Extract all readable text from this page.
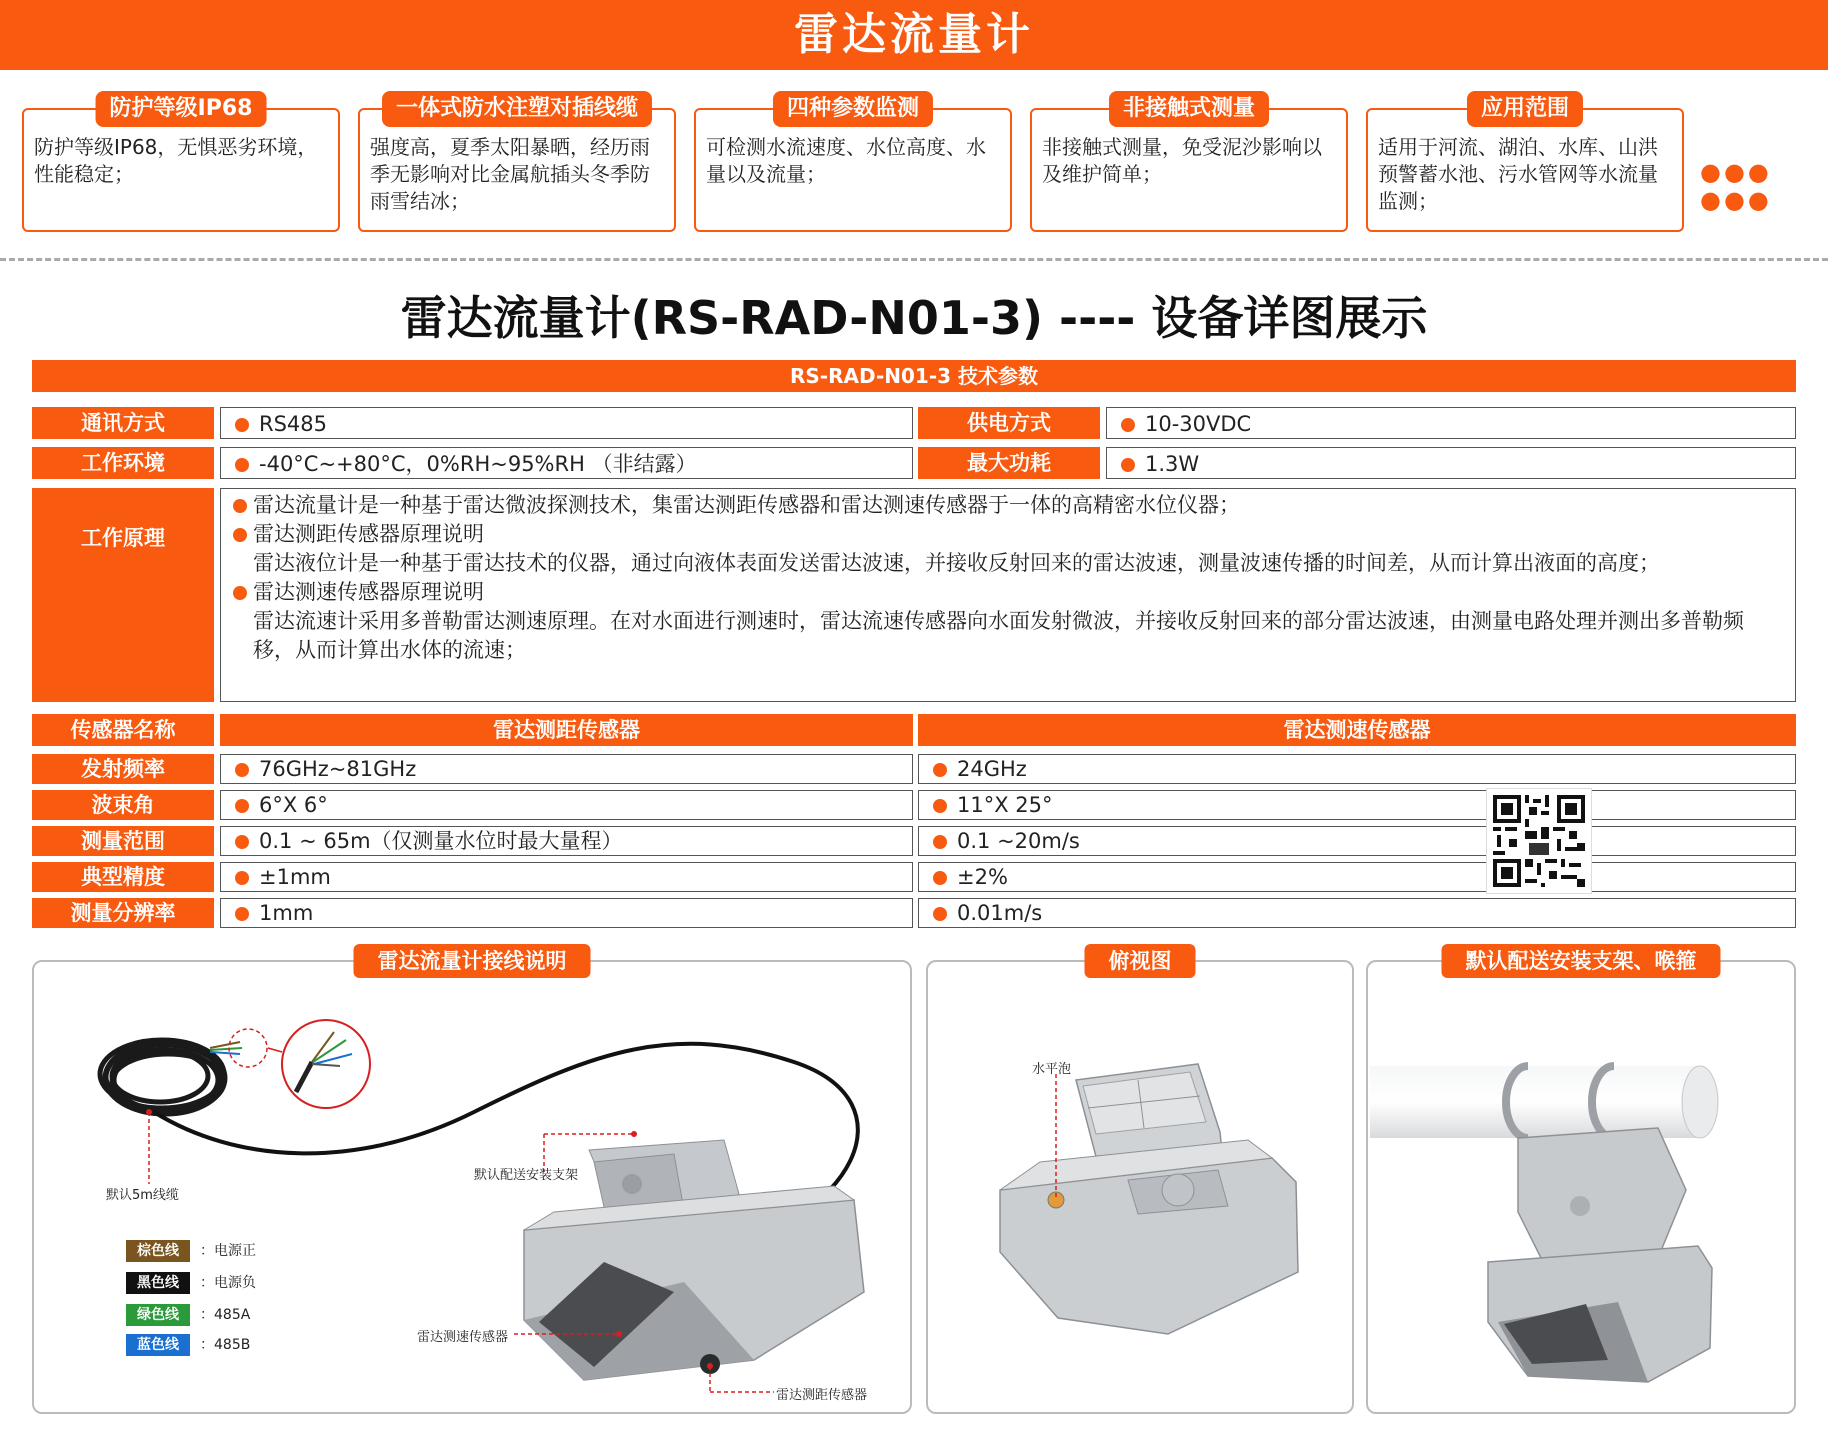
雷达流量计
防护等级IP68
防护等级IP68，无惧恶劣环境，性能稳定；
一体式防水注塑对插线缆
强度高，夏季太阳暴晒，经历雨季无影响对比金属航插头冬季防雨雪结冰；
四种参数监测
可检测水流速度、水位高度、水量以及流量；
非接触式测量
非接触式测量，免受泥沙影响以及维护简单；
应用范围
适用于河流、湖泊、水库、山洪预警蓄水池、污水管网等水流量监测；
●●● ●●●
雷达流量计(RS-RAD-N01-3) ---- 设备详图展示
RS-RAD-N01-3 技术参数
通讯方式	RS485	供电方式	10-30VDC
工作环境	-40°C~+80°C，0%RH~95%RH （非结露）	最大功耗	1.3W
工作原理
雷达流量计是一种基于雷达微波探测技术，集雷达测距传感器和雷达测速传感器于一体的高精密水位仪器；
雷达测距传感器原理说明
雷达液位计是一种基于雷达技术的仪器，通过向液体表面发送雷达波速，并接收反射回来的雷达波速，测量波速传播的时间差，从而计算出液面的高度；
雷达测速传感器原理说明
雷达流速计采用多普勒雷达测速原理。在对水面进行测速时，雷达流速传感器向水面发射微波，并接收反射回来的部分雷达波速，由测量电路处理并测出多普勒频移，从而计算出水体的流速；
传感器名称	雷达测距传感器	雷达测速传感器
发射频率	76GHz~81GHz	24GHz
波束角	6°X 6°	11°X 25°
测量范围	0.1 ~ 65m（仅测量水位时最大量程）	0.1 ~20m/s
典型精度	±1mm	±2%
测量分辨率	1mm	0.01m/s
雷达流量计接线说明
默认5m线缆
默认配送安装支架
雷达测速传感器
雷达测距传感器
棕色线 ：电源正
黑色线 ：电源负
绿色线 ：485A
蓝色线 ：485B
俯视图
水平泡
默认配送安装支架、喉箍
